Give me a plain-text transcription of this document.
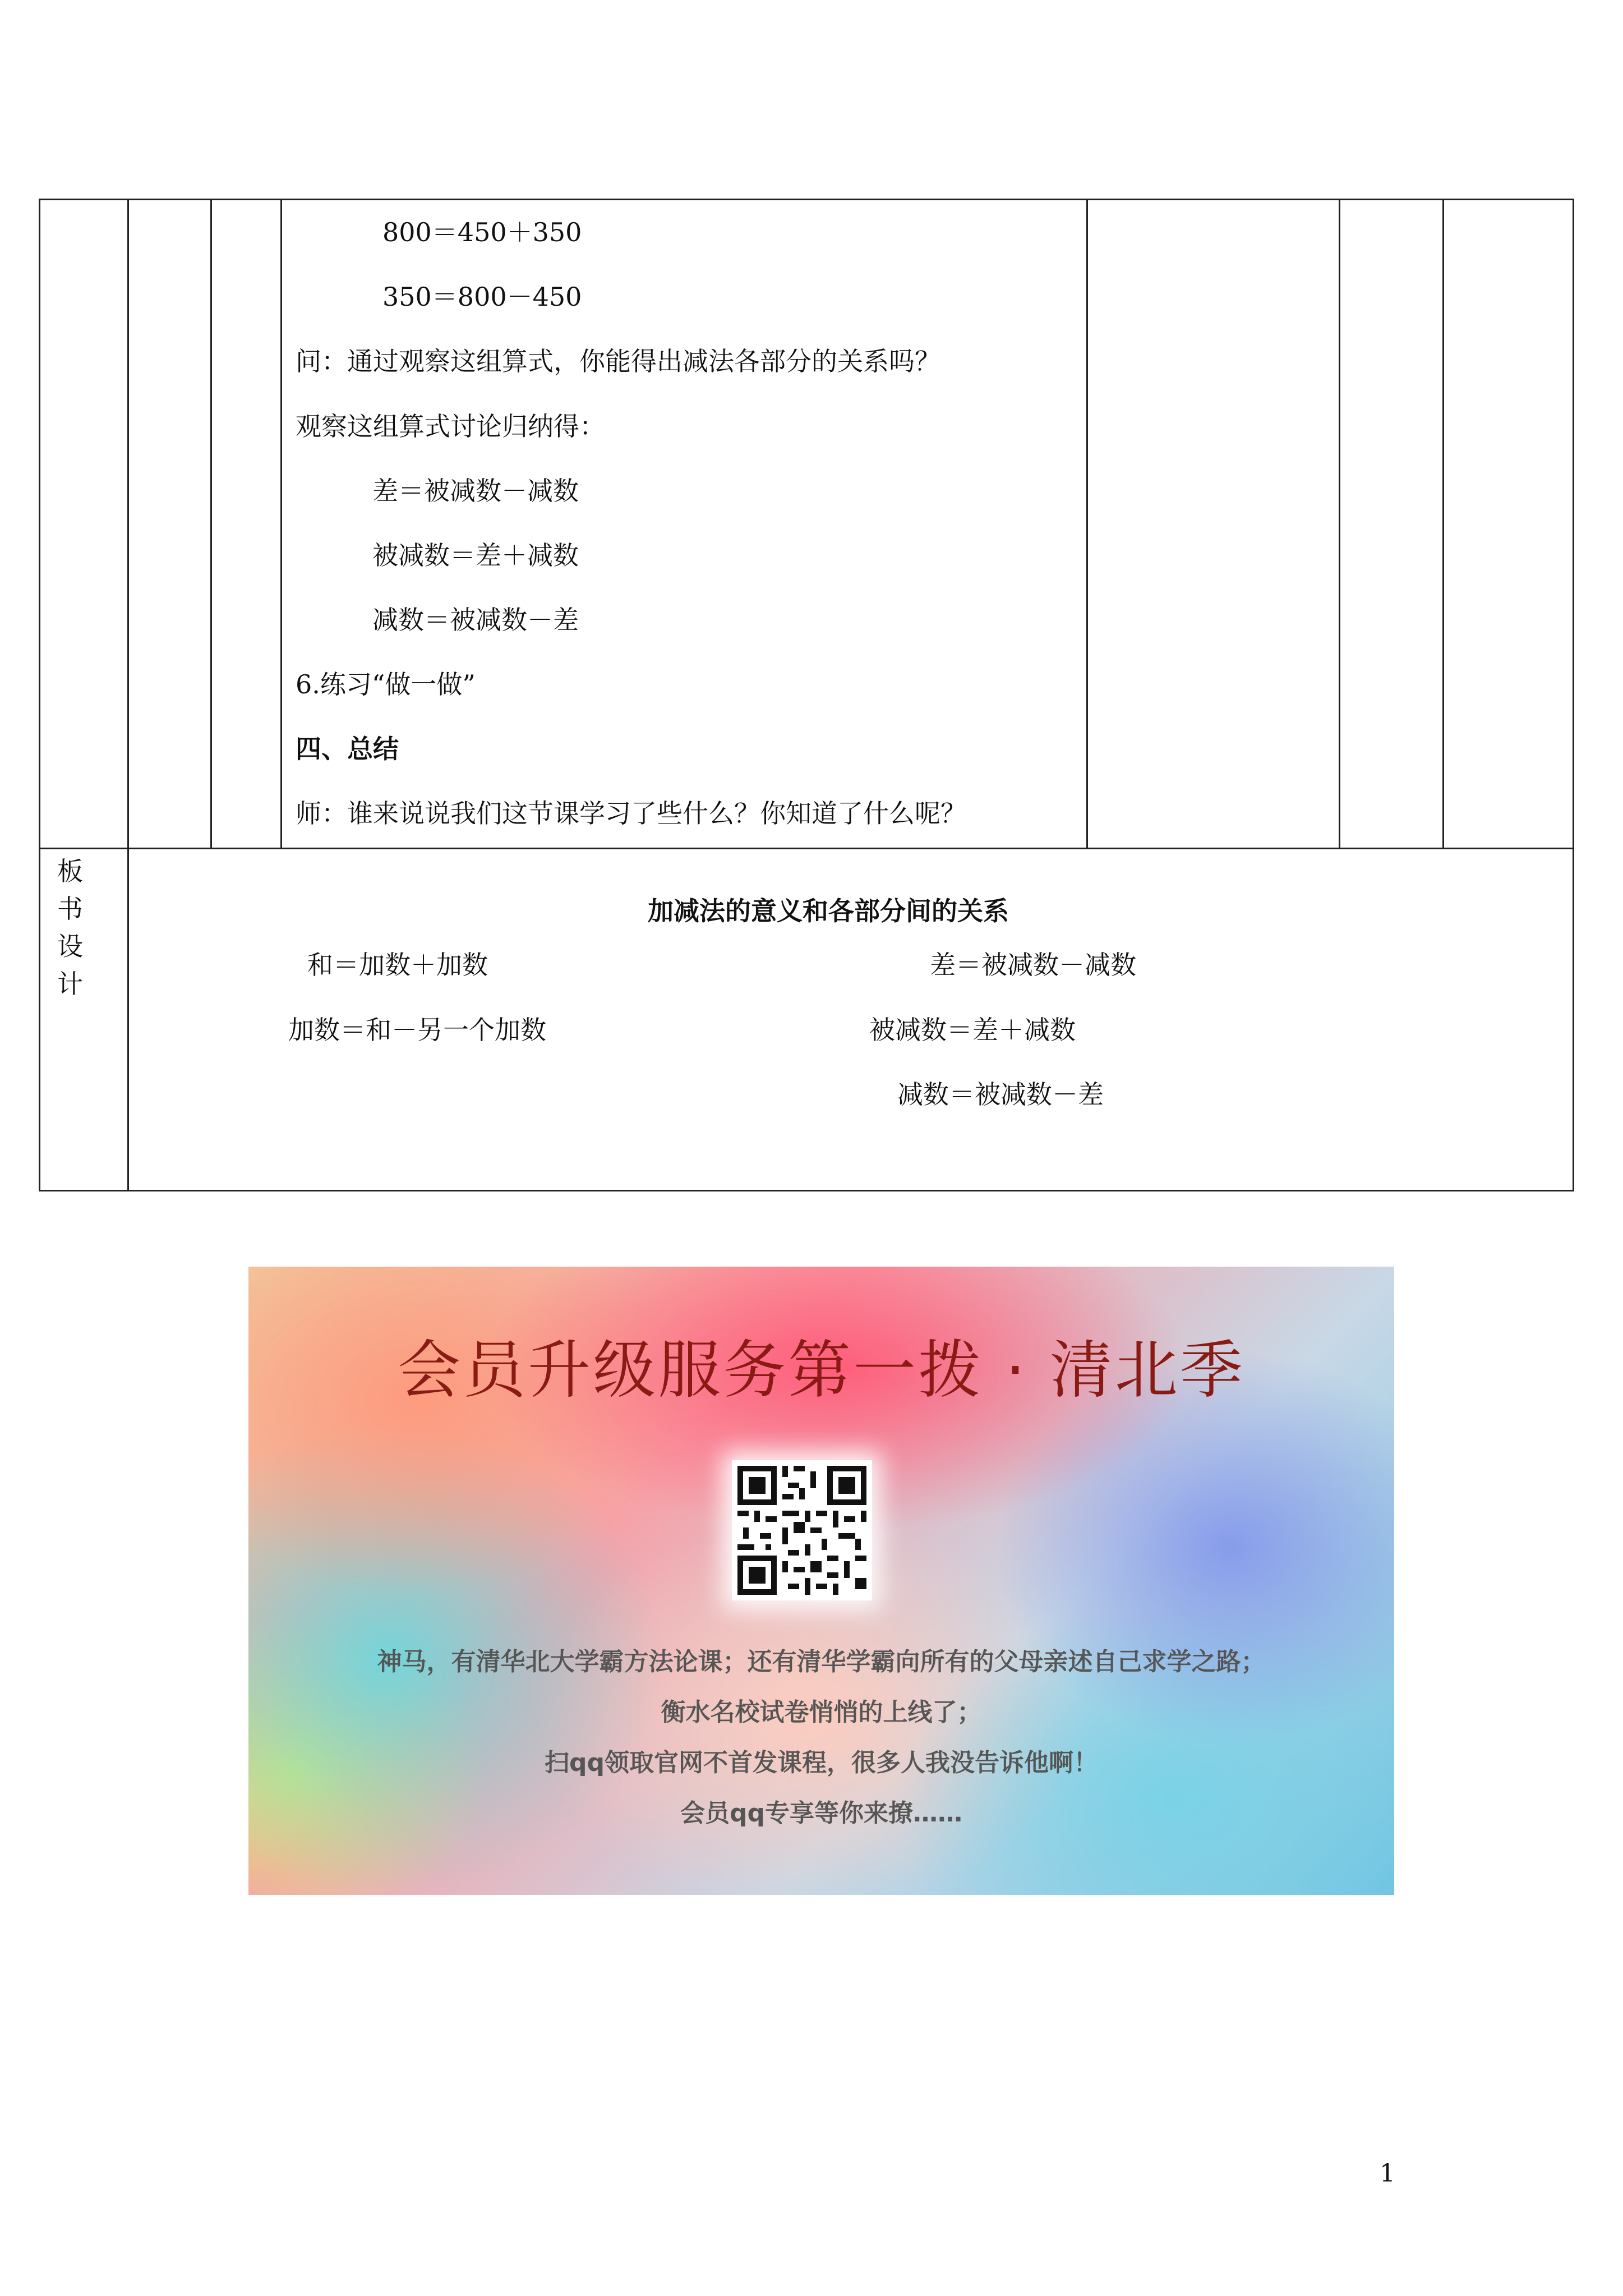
800＝450＋350
350＝800－450
问：通过观察这组算式，你能得出减法各部分的关系吗？
观察这组算式讨论归纳得：
差＝被减数－减数
被减数＝差＋减数
减数＝被减数－差
6.练习“做一做”
四、总结
师：谁来说说我们这节课学习了些什么？你知道了什么呢？
板
书
设
计
加减法的意义和各部分间的关系
和＝加数＋加数
加数＝和－另一个加数
差＝被减数－减数
被减数＝差＋减数
减数＝被减数－差
会员升级服务第一拨 · 清北季
神马，有清华北大学霸方法论课；还有清华学霸向所有的父母亲述自己求学之路；
衡水名校试卷悄悄的上线了；
扫qq领取官网不首发课程，很多人我没告诉他啊！
会员qq专享等你来撩……
1
